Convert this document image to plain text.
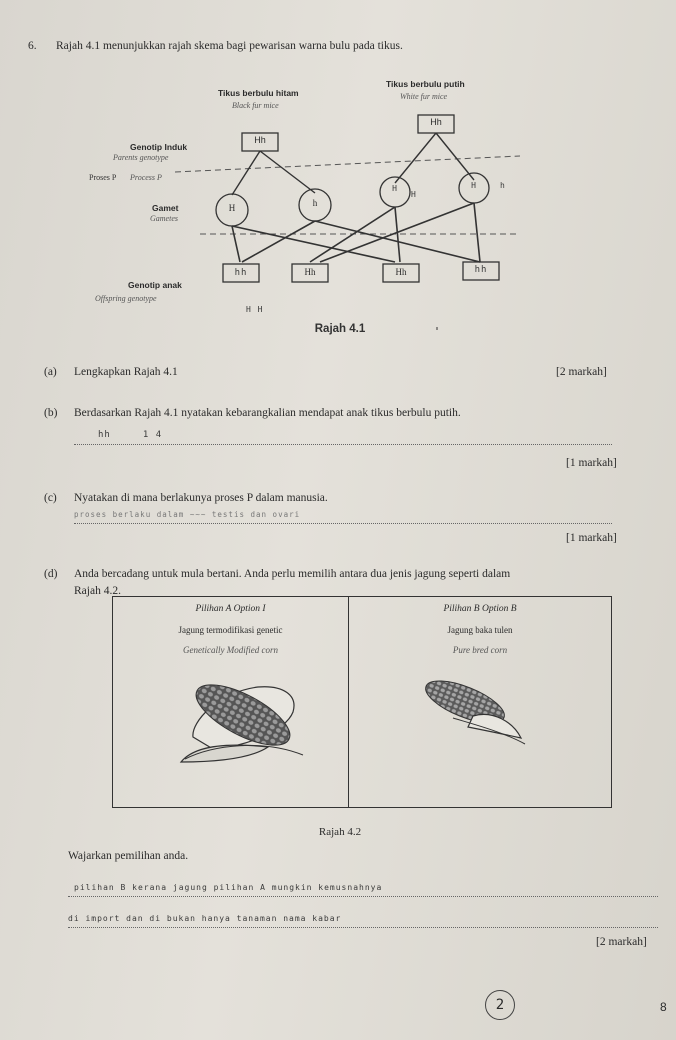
6. Rajah 4.1 menunjukkan rajah skema bagi pewarisan warna bulu pada tikus.
Tikus berbulu hitam
Black fur mice
Tikus berbulu putih
White fur mice
Genotip Induk
Parents genotype
Proses P Process P
Gamet
Gametes
Genotip anak
Offspring genotype
Hh
Hh
H	h
H
H
H	h
hh	Hh	Hh	hh
H H
Rajah 4.1
(a) Lengkapkan Rajah 4.1	[2 markah]
(b) Berdasarkan Rajah 4.1 nyatakan kebarangkalian mendapat anak tikus berbulu putih.
hh     1 4
[1 markah]
(c) Nyatakan di mana berlakunya proses P dalam manusia.
proses berlaku dalam ~~~ testis dan ovari
[1 markah]
(d) Anda bercadang untuk mula bertani. Anda perlu memilih antara dua jenis jagung seperti dalam
Rajah 4.2.
Pilihan A Option I
Jagung termodifikasi genetic
Genetically Modified corn
Pilihan B Option B
Jagung baka tulen
Pure bred corn
Rajah 4.2
Wajarkan pemilihan anda.
pilihan B kerana jagung pilihan A mungkin kemusnahnya
di import dan di bukan hanya tanaman nama kabar
[2 markah]
2	8
